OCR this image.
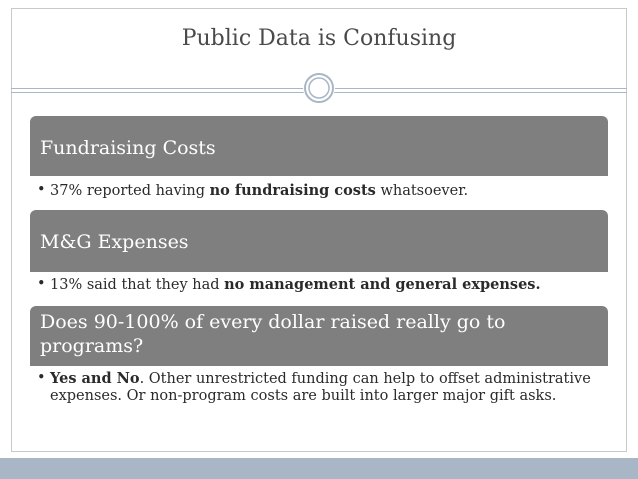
Public Data is Confusing
Fundraising Costs
• 37% reported having no fundraising costs whatsoever.
M&G Expenses
• 13% said that they had no management and general expenses.
Does 90-100% of every dollar raised really go to programs?
• Yes and No. Other unrestricted funding can help to offset administrative expenses. Or non-program costs are built into larger major gift asks.
